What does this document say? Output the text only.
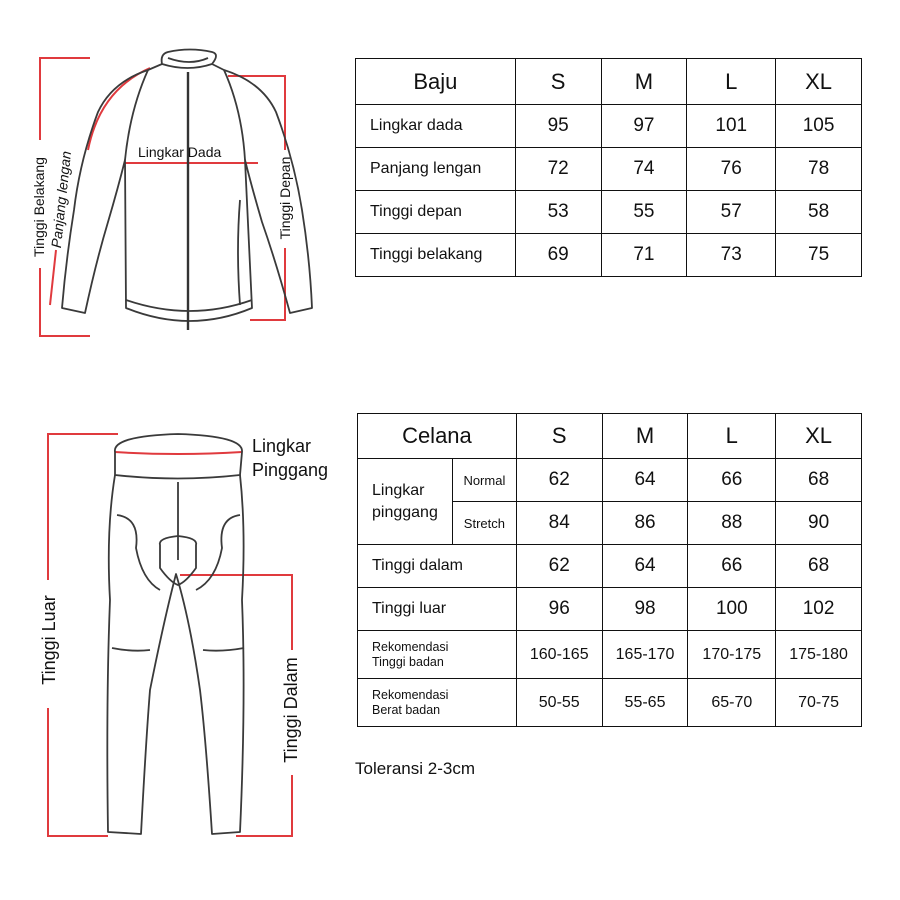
Tinggi Belakang Panjang lengan	Lingkar Dada
Tinggi Depan
Lingkar
Pinggang
Tinggi Luar
Tinggi Dalam
Baju	S	M	L	XL
Lingkar dada	95	97	101	105
Panjang lengan	72	74	76	78
Tinggi depan	53	55	57	58
Tinggi belakang	69	71	73	75
Celana		S	M	L	XL
Lingkar
pinggang	Normal	62	64	66	68
	Stretch	84	86	88	90
Tinggi dalam		62	64	66	68
Tinggi luar		96	98	100	102
Rekomendasi
Tinggi badan		160-165	165-170	170-175	175-180
Rekomendasi
Berat badan		50-55	55-65	65-70	70-75
Toleransi 2-3cm
